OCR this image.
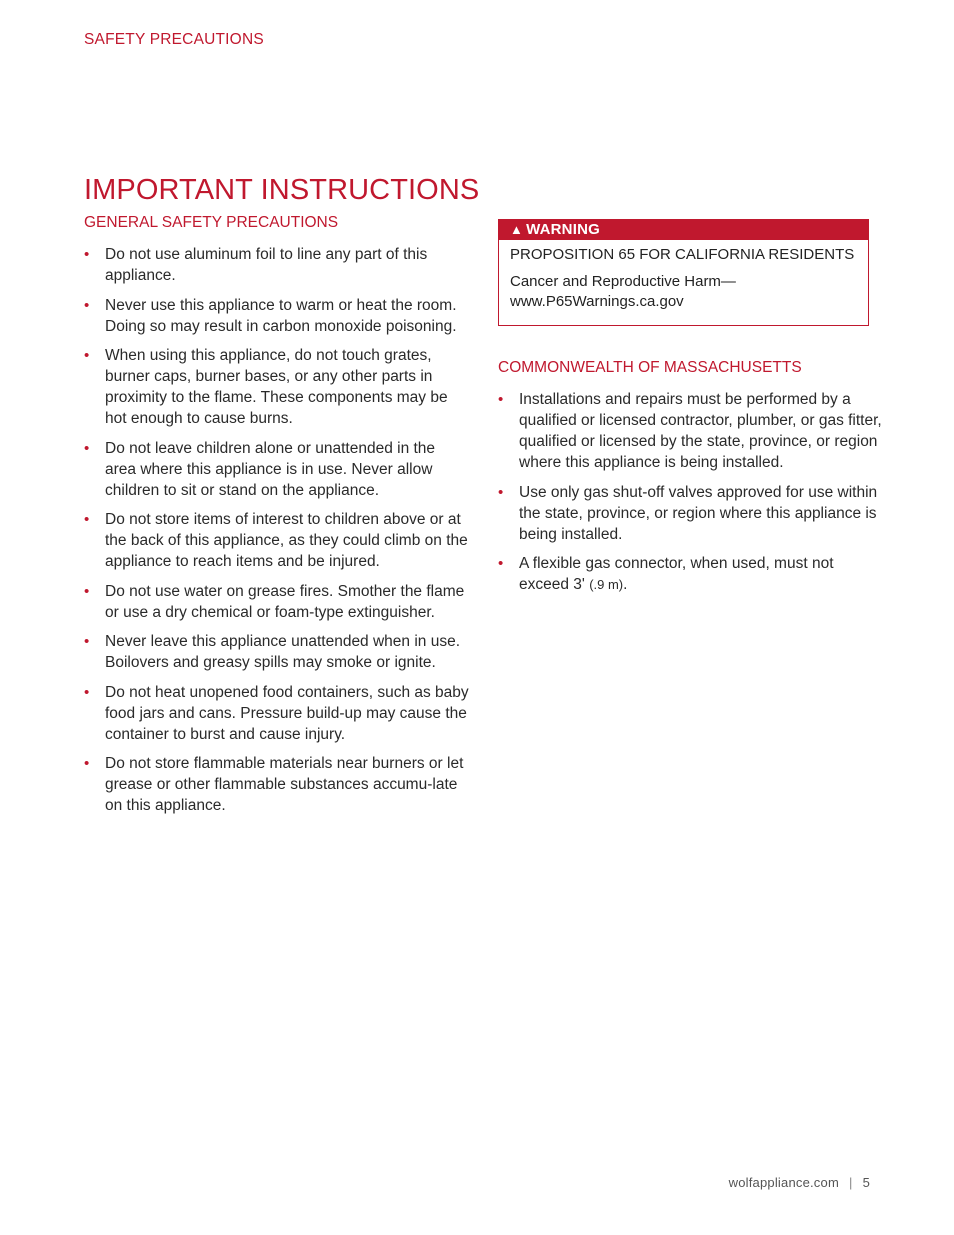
SAFETY PRECAUTIONS
IMPORTANT INSTRUCTIONS
GENERAL SAFETY PRECAUTIONS
• Do not use aluminum foil to line any part of this appliance.
• Never use this appliance to warm or heat the room. Doing so may result in carbon monoxide poisoning.
• When using this appliance, do not touch grates, burner caps, burner bases, or any other parts in proximity to the flame. These components may be hot enough to cause burns.
• Do not leave children alone or unattended in the area where this appliance is in use. Never allow children to sit or stand on the appliance.
• Do not store items of interest to children above or at the back of this appliance, as they could climb on the appliance to reach items and be injured.
• Do not use water on grease fires. Smother the flame or use a dry chemical or foam-type extinguisher.
• Never leave this appliance unattended when in use. Boilovers and greasy spills may smoke or ignite.
• Do not heat unopened food containers, such as baby food jars and cans. Pressure build-up may cause the container to burst and cause injury.
• Do not store flammable materials near burners or let grease or other flammable substances accumu-late on this appliance.
▲ WARNING

PROPOSITION 65 FOR CALIFORNIA RESIDENTS

Cancer and Reproductive Harm—
www.P65Warnings.ca.gov

COMMONWEALTH OF MASSACHUSETTS
• Installations and repairs must be performed by a qualified or licensed contractor, plumber, or gas fitter, qualified or licensed by the state, province, or region where this appliance is being installed.
• Use only gas shut-off valves approved for use within the state, province, or region where this appliance is being installed.
• A flexible gas connector, when used, must not exceed 3' (.9 m).
wolfappliance.com | 5
